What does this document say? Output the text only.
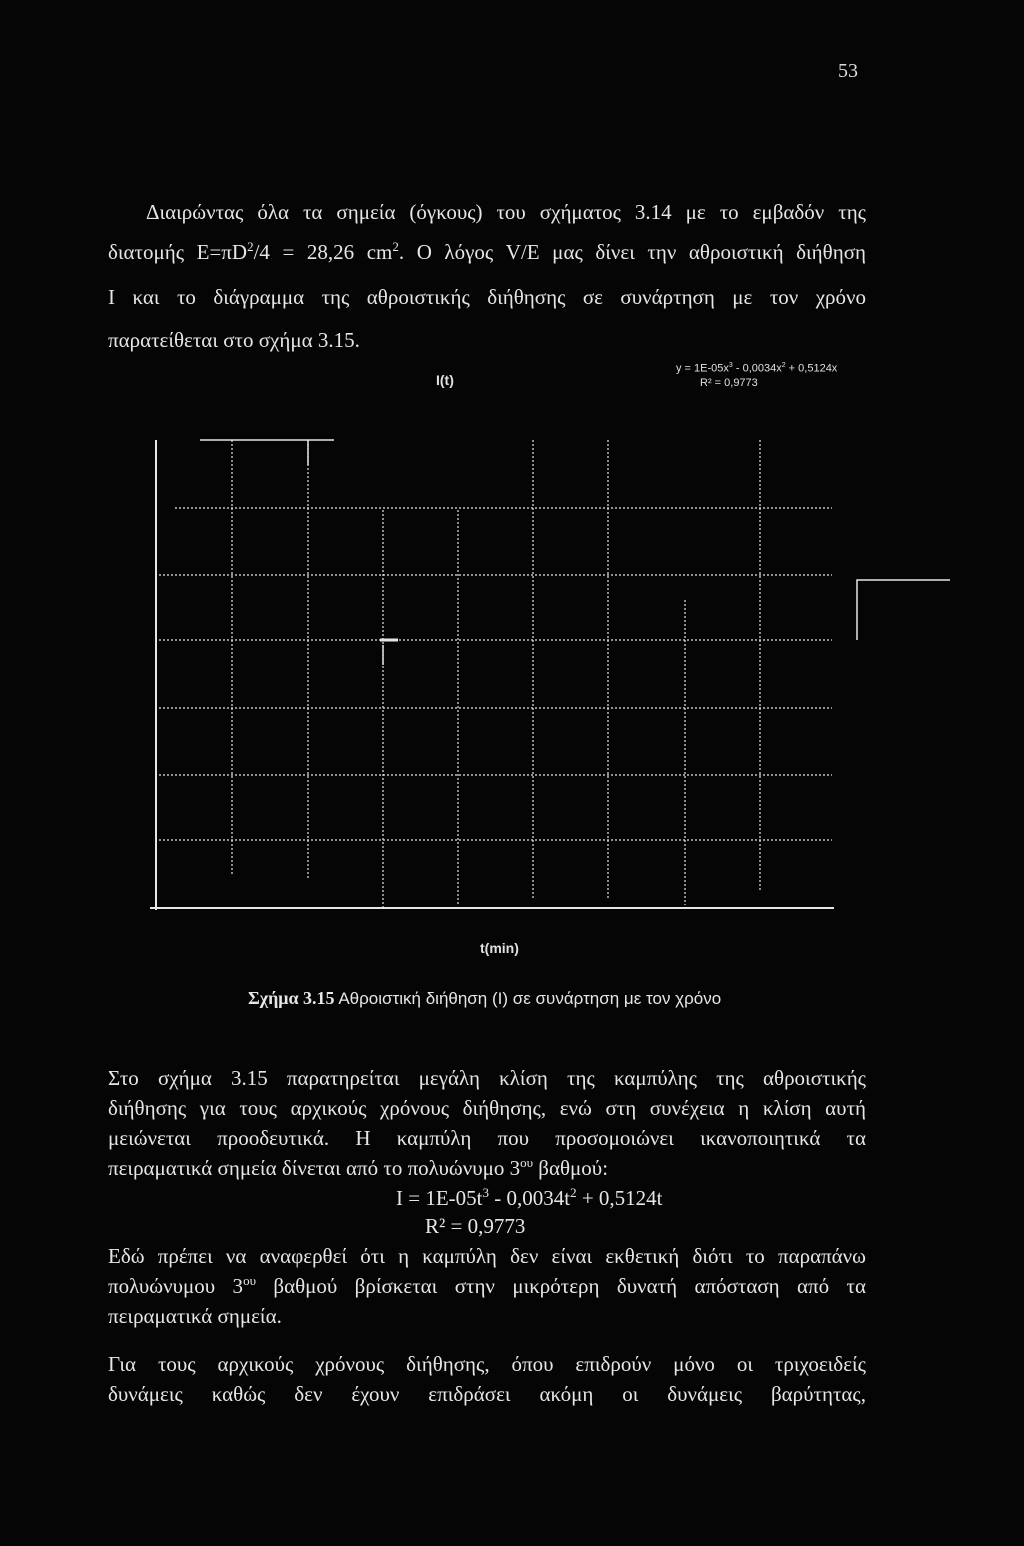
53
Διαιρώντας όλα τα σημεία (όγκους) του σχήματος 3.14 με το εμβαδόν της
διατομής $E=\pi D^2/4 = 28,26$ $cm^2$. Ο λόγος V/E μας δίνει την αθροιστική διήθηση
Ι και το διάγραμμα της αθροιστικής διήθησης σε συνάρτηση με τον χρόνο
παρατείθεται στο σχήμα 3.15.
I(t)
$y = 1E-05x^3 - 0,0034x^2 + 0,5124x$
R² = 0,9773
t(min)
Σχήμα 3.15 Αθροιστική διήθηση (Ι) σε συνάρτηση με τον χρόνο
Στο σχήμα 3.15 παρατηρείται μεγάλη κλίση της καμπύλης της αθροιστικής
διήθησης για τους αρχικούς χρόνους διήθησης, ενώ στη συνέχεια η κλίση αυτή
μειώνεται προοδευτικά. Η καμπύλη που προσομοιώνει ικανοποιητικά τα
πειραματικά σημεία δίνεται από το πολυώνυμο $3^{o\upsilon}$ βαθμού:
$I = 1E-05t^3 - 0,0034t^2 + 0,5124t$
R² = 0,9773
Εδώ πρέπει να αναφερθεί ότι η καμπύλη δεν είναι εκθετική διότι το παραπάνω
πολυώνυμου $3^{o\upsilon}$ βαθμού βρίσκεται στην μικρότερη δυνατή απόσταση από τα
πειραματικά σημεία.
Για τους αρχικούς χρόνους διήθησης, όπου επιδρούν μόνο οι τριχοειδείς
δυνάμεις καθώς δεν έχουν επιδράσει ακόμη οι δυνάμεις βαρύτητας,
